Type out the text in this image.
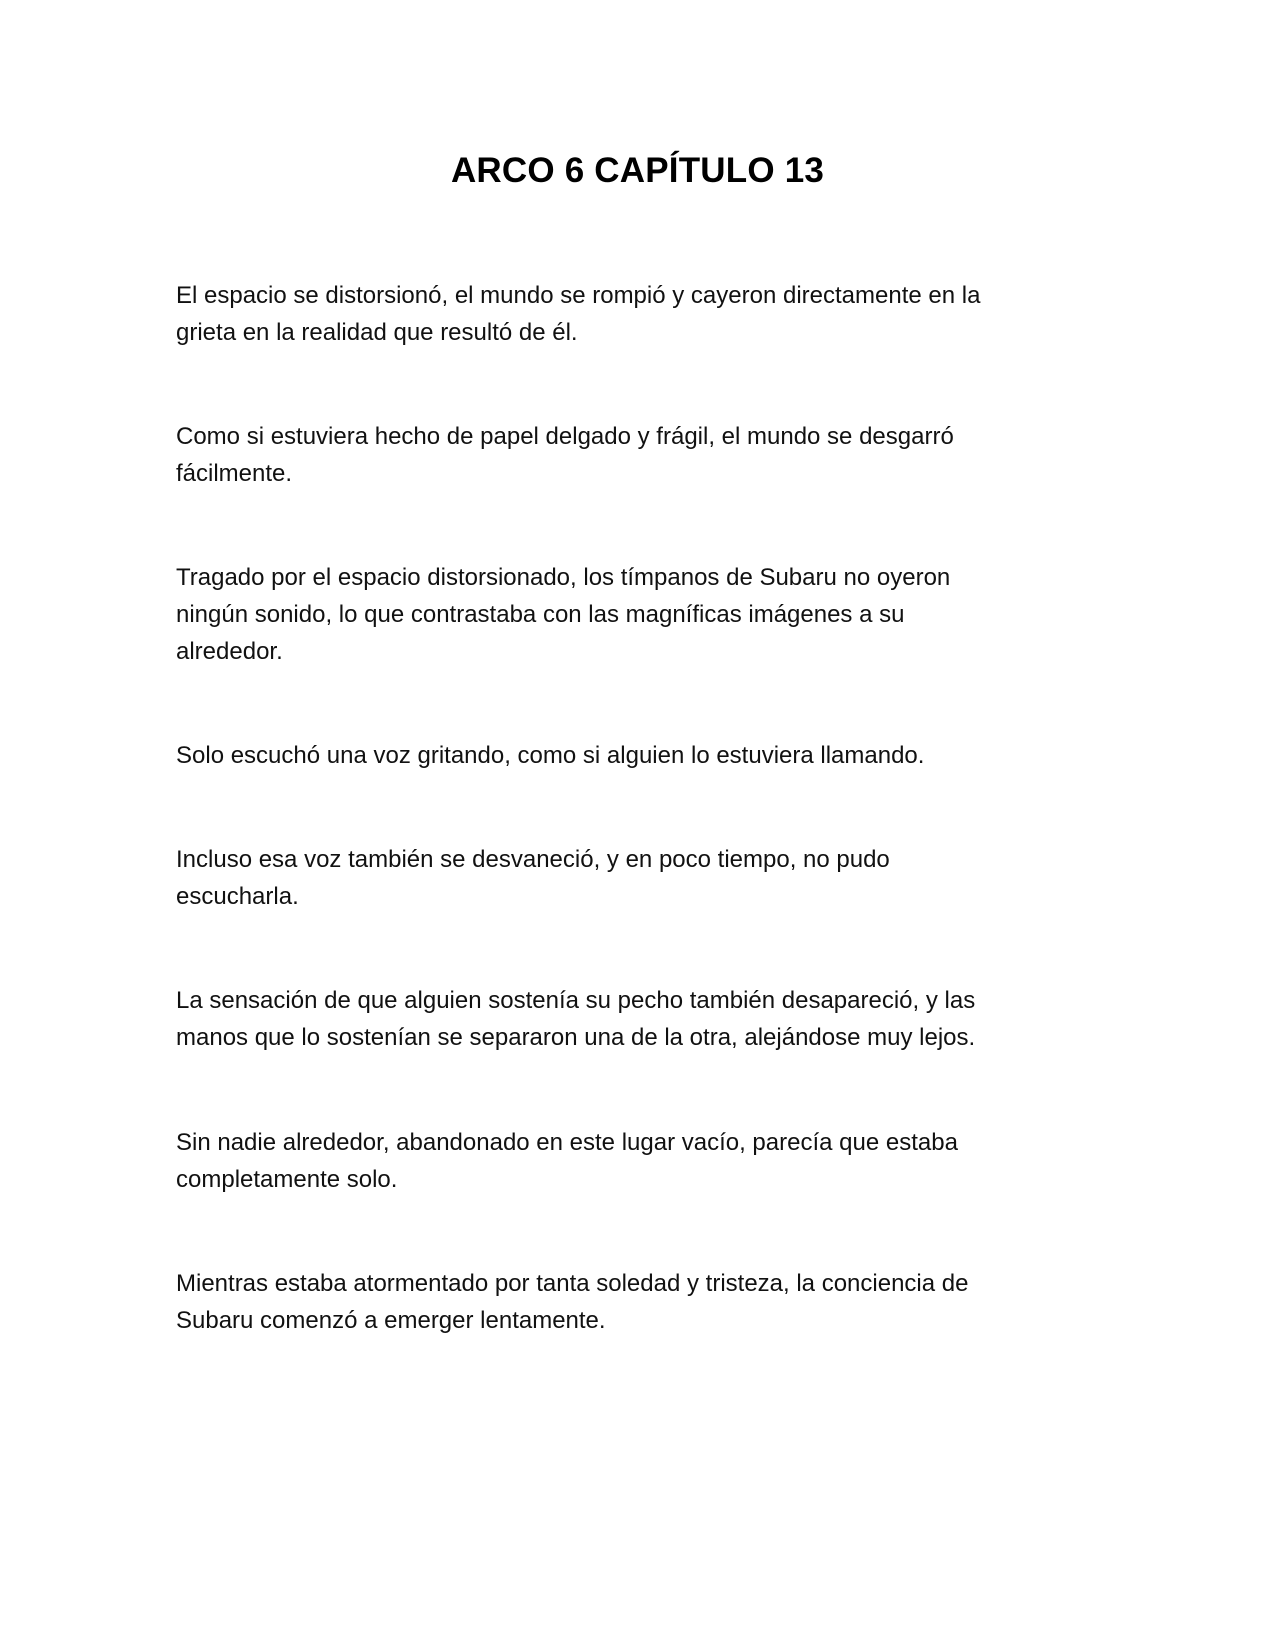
ARCO 6 CAPÍTULO 13

El espacio se distorsionó, el mundo se rompió y cayeron directamente en la
grieta en la realidad que resultó de él.

Como si estuviera hecho de papel delgado y frágil, el mundo se desgarró
fácilmente.

Tragado por el espacio distorsionado, los tímpanos de Subaru no oyeron
ningún sonido, lo que contrastaba con las magníficas imágenes a su
alrededor.

Solo escuchó una voz gritando, como si alguien lo estuviera llamando.

Incluso esa voz también se desvaneció, y en poco tiempo, no pudo
escucharla.

La sensación de que alguien sostenía su pecho también desapareció, y las
manos que lo sostenían se separaron una de la otra, alejándose muy lejos.

Sin nadie alrededor, abandonado en este lugar vacío, parecía que estaba
completamente solo.

Mientras estaba atormentado por tanta soledad y tristeza, la conciencia de
Subaru comenzó a emerger lentamente.
